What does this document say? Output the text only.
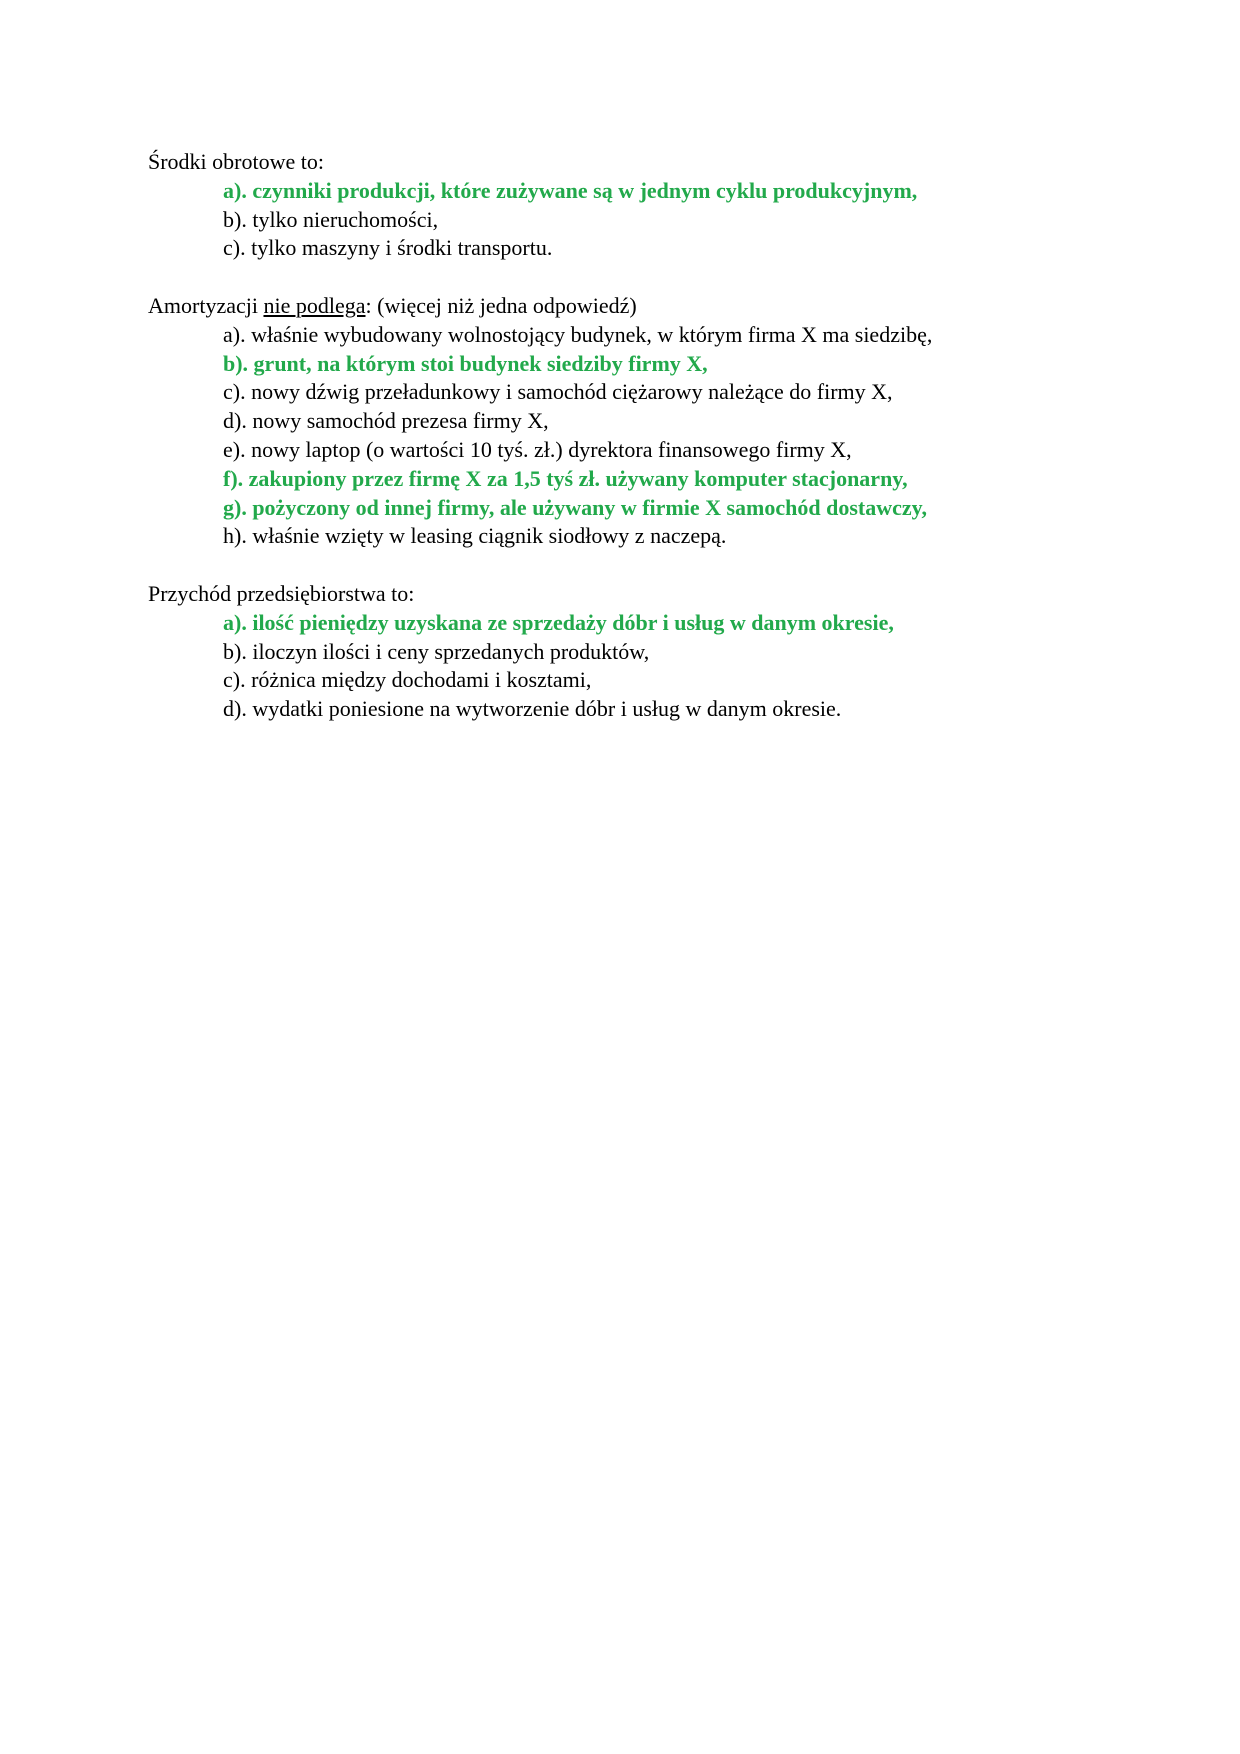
Środki obrotowe to:
a). czynniki produkcji, które zużywane są w jednym cyklu produkcyjnym,
b). tylko nieruchomości,
c). tylko maszyny i środki transportu.
Amortyzacji nie podlega: (więcej niż jedna odpowiedź)
a). właśnie wybudowany wolnostojący budynek, w którym firma X ma siedzibę,
b). grunt, na którym stoi budynek siedziby firmy X,
c). nowy dźwig przeładunkowy i samochód ciężarowy należące do firmy X,
d). nowy samochód prezesa firmy X,
e). nowy laptop (o wartości 10 tyś. zł.) dyrektora finansowego firmy X,
f). zakupiony przez firmę X za 1,5 tyś zł. używany komputer stacjonarny,
g). pożyczony od innej firmy, ale używany w firmie X samochód dostawczy,
h). właśnie wzięty w leasing ciągnik siodłowy z naczepą.
Przychód przedsiębiorstwa to:
a). ilość pieniędzy uzyskana ze sprzedaży dóbr i usług w danym okresie,
b). iloczyn ilości i ceny sprzedanych produktów,
c). różnica między dochodami i kosztami,
d). wydatki poniesione na wytworzenie dóbr i usług w danym okresie.
